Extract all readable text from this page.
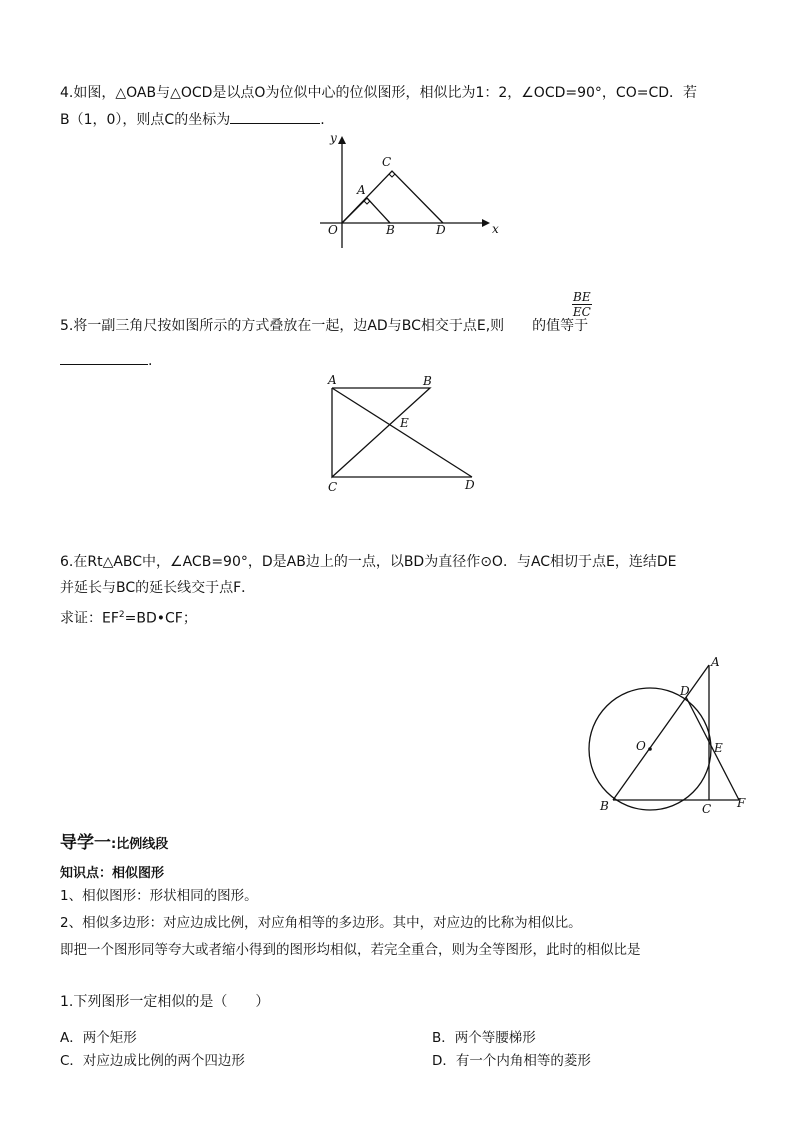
4.如图，△OAB与△OCD是以点O为位似中心的位似图形，相似比为1：2，∠OCD=90°，CO=CD．若
B（1，0），则点C的坐标为	.
y
x
O
A
B
C
D
5.将一副三角尺按如图所示的方式叠放在一起，边AD与BC相交于点E,则 的值等于
$\frac{BE}{EC}$
.
A	B
E
C	D
6.在Rt△ABC中，∠ACB=90°，D是AB边上的一点，以BD为直径作⊙O．与AC相切于点E，连结DE
并延长与BC的延长线交于点F．
求证：$EF^2=BD•CF$；
A
D
O	E
B	C F
导学一:比例线段
知识点：相似图形
1、相似图形：形状相同的图形。
2、相似多边形：对应边成比例，对应角相等的多边形。其中，对应边的比称为相似比。
即把一个图形同等夸大或者缩小得到的图形均相似，若完全重合，则为全等图形，此时的相似比是
1.下列图形一定相似的是（　　）
A．两个矩形	B．两个等腰梯形
C．对应边成比例的两个四边形	D．有一个内角相等的菱形
